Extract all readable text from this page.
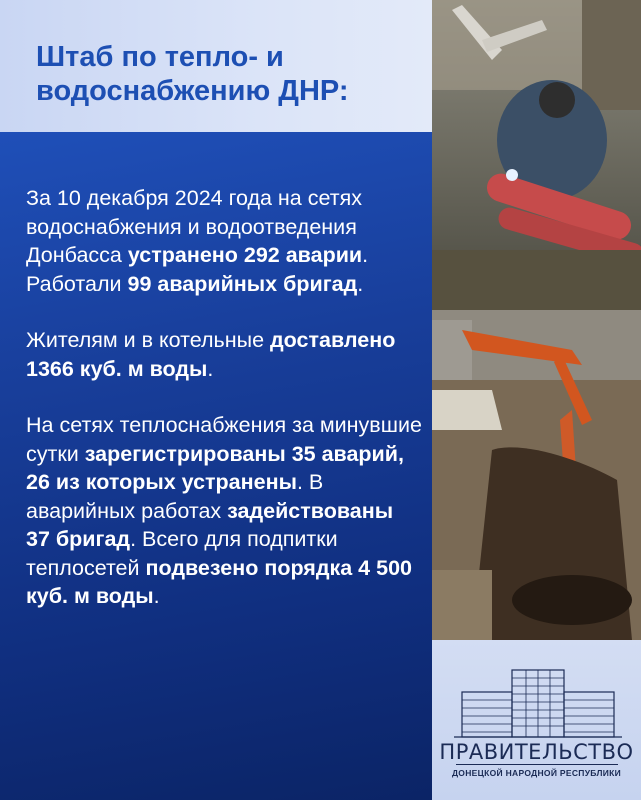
Штаб по тепло- и водоснабжению ДНР:

За 10 декабря 2024 года на сетях водоснабжения и водоотведения Донбасса устранено 292 аварии. Работали 99 аварийных бригад.

Жителям и в котельные доставлено 1366 куб. м воды.

На сетях теплоснабжения за минувшие сутки зарегистрированы 35 аварий, 26 из которых устранены. В аварийных работах задействованы 37 бригад. Всего для подпитки теплосетей подвезено порядка 4 500 куб. м воды.

ПРАВИТЕЛЬСТВО
ДОНЕЦКОЙ НАРОДНОЙ РЕСПУБЛИКИ
